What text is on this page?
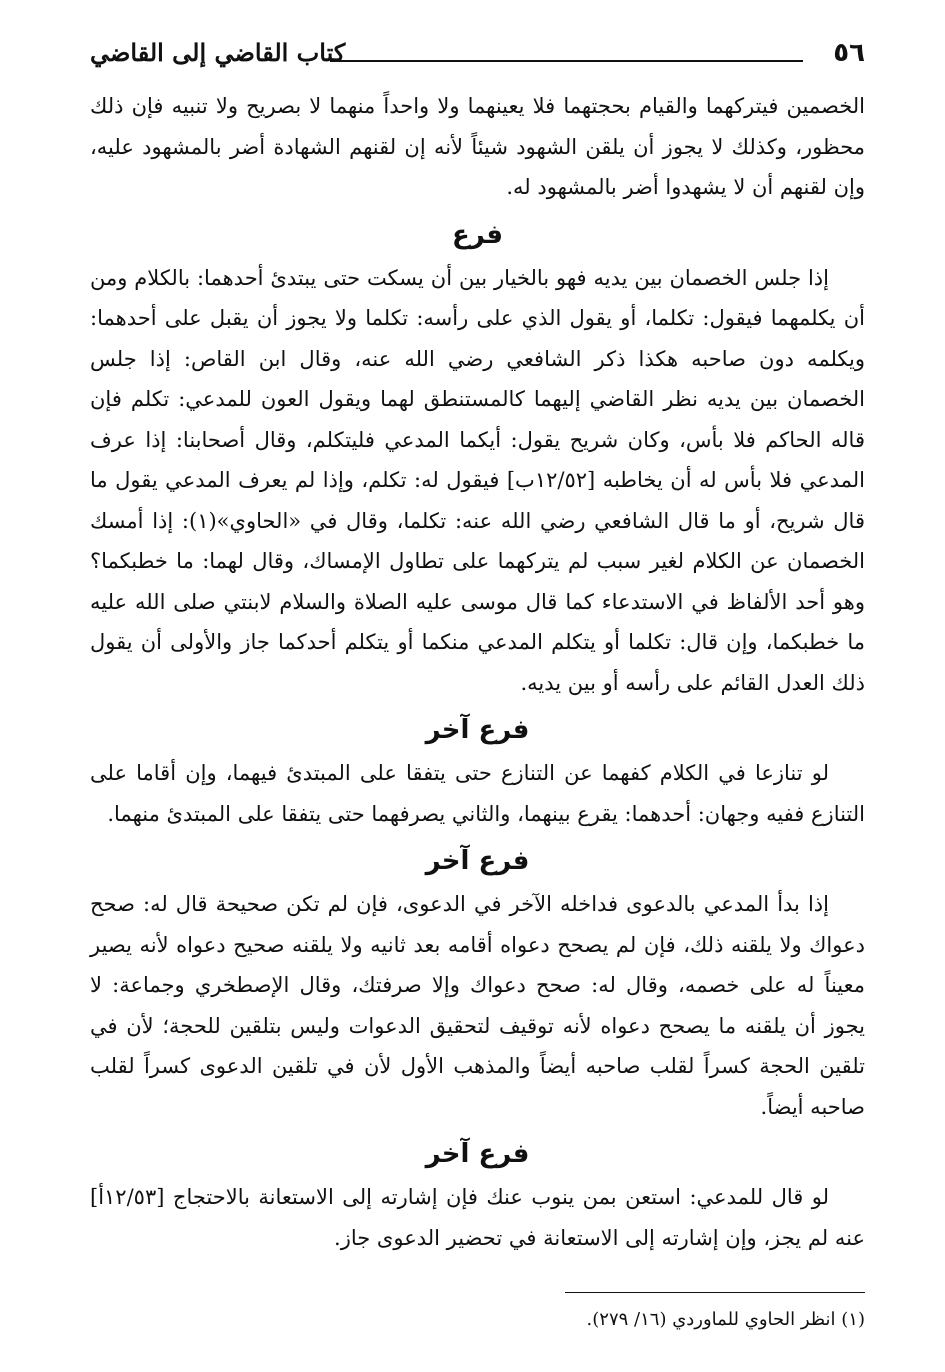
٥٦
كتاب القاضي إلى القاضي

الخصمين فيتركهما والقيام بحجتهما فلا يعينهما ولا واحداً منهما لا بصريح ولا تنبيه فإن ذلك محظور، وكذلك لا يجوز أن يلقن الشهود شيئاً لأنه إن لقنهم الشهادة أضر بالمشهود عليه، وإن لقنهم أن لا يشهدوا أضر بالمشهود له.

فرع

إذا جلس الخصمان بين يديه فهو بالخيار بين أن يسكت حتى يبتدئ أحدهما: بالكلام ومن أن يكلمهما فيقول: تكلما، أو يقول الذي على رأسه: تكلما ولا يجوز أن يقبل على أحدهما: ويكلمه دون صاحبه هكذا ذكر الشافعي رضي الله عنه، وقال ابن القاص: إذا جلس الخصمان بين يديه نظر القاضي إليهما كالمستنطق لهما ويقول العون للمدعي: تكلم فإن قاله الحاكم فلا بأس، وكان شريح يقول: أيكما المدعي فليتكلم، وقال أصحابنا: إذا عرف المدعي فلا بأس له أن يخاطبه [١٢/٥٢ب] فيقول له: تكلم، وإذا لم يعرف المدعي يقول ما قال شريح، أو ما قال الشافعي رضي الله عنه: تكلما، وقال في «الحاوي»(١): إذا أمسك الخصمان عن الكلام لغير سبب لم يتركهما على تطاول الإمساك، وقال لهما: ما خطبكما؟ وهو أحد الألفاظ في الاستدعاء كما قال موسى عليه الصلاة والسلام لابنتي صلى الله عليه ما خطبكما، وإن قال: تكلما أو يتكلم المدعي منكما أو يتكلم أحدكما جاز والأولى أن يقول ذلك العدل القائم على رأسه أو بين يديه.

فرع آخر

لو تنازعا في الكلام كفهما عن التنازع حتى يتفقا على المبتدئ فيهما، وإن أقاما على التنازع ففيه وجهان: أحدهما: يقرع بينهما، والثاني يصرفهما حتى يتفقا على المبتدئ منهما.

فرع آخر

إذا بدأ المدعي بالدعوى فداخله الآخر في الدعوى، فإن لم تكن صحيحة قال له: صحح دعواك ولا يلقنه ذلك، فإن لم يصحح دعواه أقامه بعد ثانيه ولا يلقنه صحيح دعواه لأنه يصير معيناً له على خصمه، وقال له: صحح دعواك وإلا صرفتك، وقال الإصطخري وجماعة: لا يجوز أن يلقنه ما يصحح دعواه لأنه توقيف لتحقيق الدعوات وليس بتلقين للحجة؛ لأن في تلقين الحجة كسراً لقلب صاحبه أيضاً والمذهب الأول لأن في تلقين الدعوى كسراً لقلب صاحبه أيضاً.

فرع آخر

لو قال للمدعي: استعن بمن ينوب عنك فإن إشارته إلى الاستعانة بالاحتجاج [١٢/٥٣أ] عنه لم يجز، وإن إشارته إلى الاستعانة في تحضير الدعوى جاز.

(١) انظر الحاوي للماوردي (١٦/ ٢٧٩).
